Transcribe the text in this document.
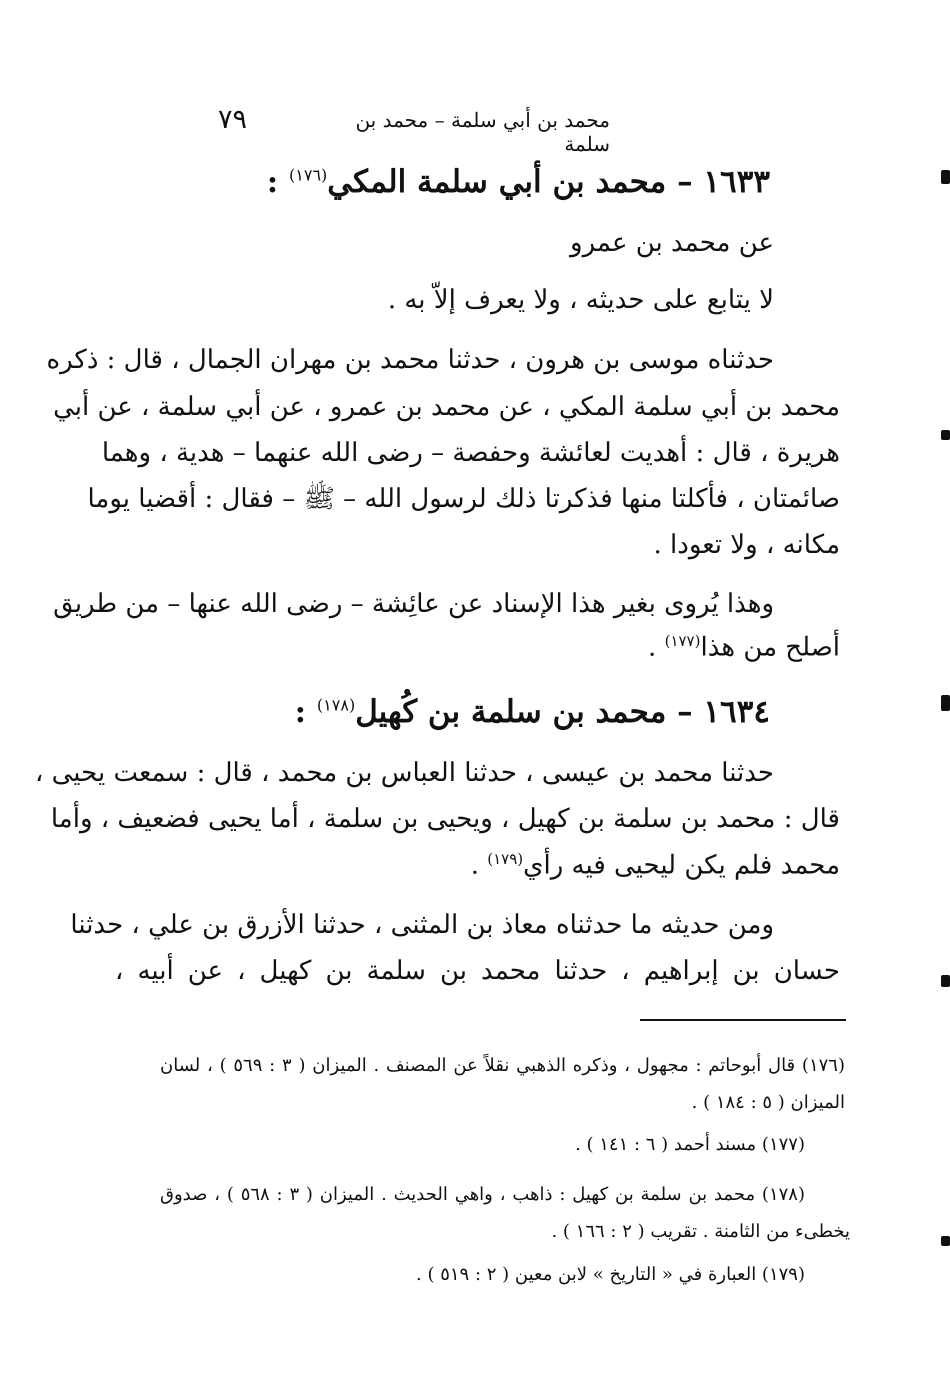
٧٩	محمد بن أبي سلمة – محمد بن سلمة
١٦٣٣ – محمد بن أبي سلمة المكي$^{(١٧٦)}$ :
عن محمد بن عمرو
لا يتابع على حديثه ، ولا يعرف إلاّ به .
حدثناه موسى بن هرون ، حدثنا محمد بن مهران الجمال ، قال : ذكره
محمد بن أبي سلمة المكي ، عن محمد بن عمرو ، عن أبي سلمة ، عن أبي
هريرة ، قال : أهديت لعائشة وحفصة – رضى الله عنهما – هدية ، وهما
صائمتان ، فأكلتا منها فذكرتا ذلك لرسول الله – ﷺ – فقال : أقضيا يوما
مكانه ، ولا تعودا .
وهذا يُروى بغير هذا الإسناد عن عائِشة – رضى الله عنها – من طريق
أصلح من هذا$^{(١٧٧)}$ .
١٦٣٤ – محمد بن سلمة بن كُهيل$^{(١٧٨)}$ :
حدثنا محمد بن عيسى ، حدثنا العباس بن محمد ، قال : سمعت يحيى ،
قال : محمد بن سلمة بن كهيل ، ويحيى بن سلمة ، أما يحيى فضعيف ، وأما
محمد فلم يكن ليحيى فيه رأي$^{(١٧٩)}$ .
ومن حديثه ما حدثناه معاذ بن المثنى ، حدثنا الأزرق بن علي ، حدثنا
حسان بن إبراهيم ، حدثنا محمد بن سلمة بن كهيل ، عن أبيه ،
(١٧٦) قال أبوحاتم : مجهول ، وذكره الذهبي نقلاً عن المصنف . الميزان ( ٣ : ٥٦٩ ) ، لسان
الميزان ( ٥ : ١٨٤ ) .
(١٧٧) مسند أحمد ( ٦ : ١٤١ ) .
(١٧٨) محمد بن سلمة بن كهيل : ذاهب ، واهي الحديث . الميزان ( ٣ : ٥٦٨ ) ، صدوق
يخطىء من الثامنة . تقريب ( ٢ : ١٦٦ ) .
(١٧٩) العبارة في « التاريخ » لابن معين ( ٢ : ٥١٩ ) .
